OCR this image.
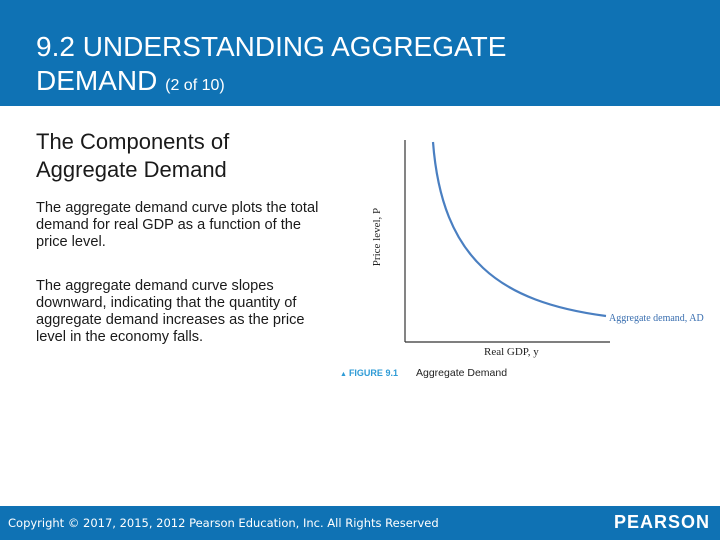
9.2 UNDERSTANDING AGGREGATE
DEMAND (2 of 10)
The Components of
Aggregate Demand
The aggregate demand curve plots the total demand for real GDP as a function of the price level.
The aggregate demand curve slopes downward, indicating that the quantity of aggregate demand increases as the price level in the economy falls.
Price level, P
Real GDP, y
Aggregate demand, AD
▲ FIGURE 9.1 Aggregate Demand
Copyright © 2017, 2015, 2012 Pearson Education, Inc. All Rights Reserved	PEARSON
